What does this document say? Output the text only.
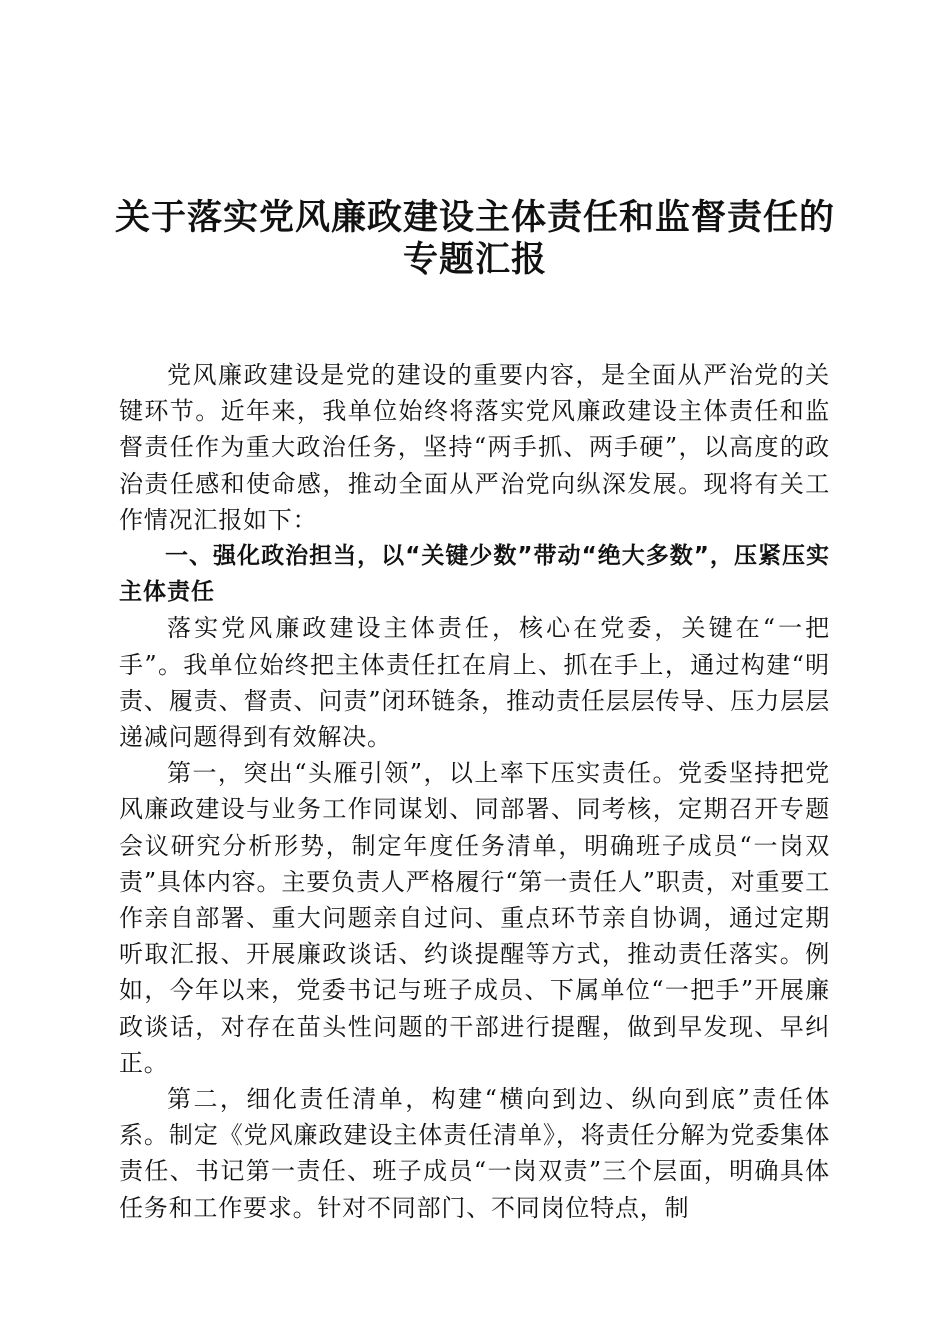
关于落实党风廉政建设主体责任和监督责任的
专题汇报

党风廉政建设是党的建设的重要内容，是全面从严治党的关键环节。近年来，我单位始终将落实党风廉政建设主体责任和监督责任作为重大政治任务，坚持“两手抓、两手硬”，以高度的政治责任感和使命感，推动全面从严治党向纵深发展。现将有关工作情况汇报如下：

一、强化政治担当，以“关键少数”带动“绝大多数”，压紧压实主体责任

落实党风廉政建设主体责任，核心在党委，关键在“一把手”。我单位始终把主体责任扛在肩上、抓在手上，通过构建“明责、履责、督责、问责”闭环链条，推动责任层层传导、压力层层递减问题得到有效解决。

第一，突出“头雁引领”，以上率下压实责任。党委坚持把党风廉政建设与业务工作同谋划、同部署、同考核，定期召开专题会议研究分析形势，制定年度任务清单，明确班子成员“一岗双责”具体内容。主要负责人严格履行“第一责任人”职责，对重要工作亲自部署、重大问题亲自过问、重点环节亲自协调，通过定期听取汇报、开展廉政谈话、约谈提醒等方式，推动责任落实。例如，今年以来，党委书记与班子成员、下属单位“一把手”开展廉政谈话，对存在苗头性问题的干部进行提醒，做到早发现、早纠正。

第二，细化责任清单，构建“横向到边、纵向到底”责任体系。制定《党风廉政建设主体责任清单》，将责任分解为党委集体责任、书记第一责任、班子成员“一岗双责”三个层面，明确具体任务和工作要求。针对不同部门、不同岗位特点，制
